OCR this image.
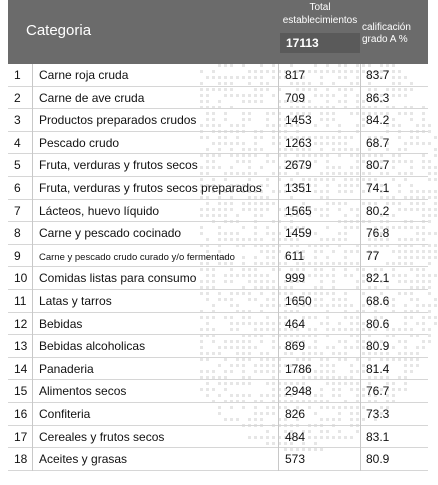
Categoria
Total
establecimientos
17113
calificación
grado A %
1 Carne roja cruda	817	83.7
2 Carne de ave cruda	709	86.3
3 Productos preparados crudos	1453	84.2
4 Pescado crudo	1263	68.7
5 Fruta, verduras y frutos secos	2679	80.7
6 Fruta, verduras y frutos secos preparados 1351	74.1
7 Lácteos, huevo líquido	1565	80.2
8 Carne y pescado cocinado	1459	76.8
9 Carne y pescado crudo curado y/o fermentado	611	77
10 Comidas listas para consumo	999	82.1
11 Latas y tarros	1650	68.6
12 Bebidas	464	80.6
13 Bebidas alcoholicas	869	80.9
14 Panaderia	1786	81.4
15 Alimentos secos	2948	76.7
16 Confiteria	826	73.3
17 Cereales y frutos secos	484	83.1
18 Aceites y grasas	573	80.9
